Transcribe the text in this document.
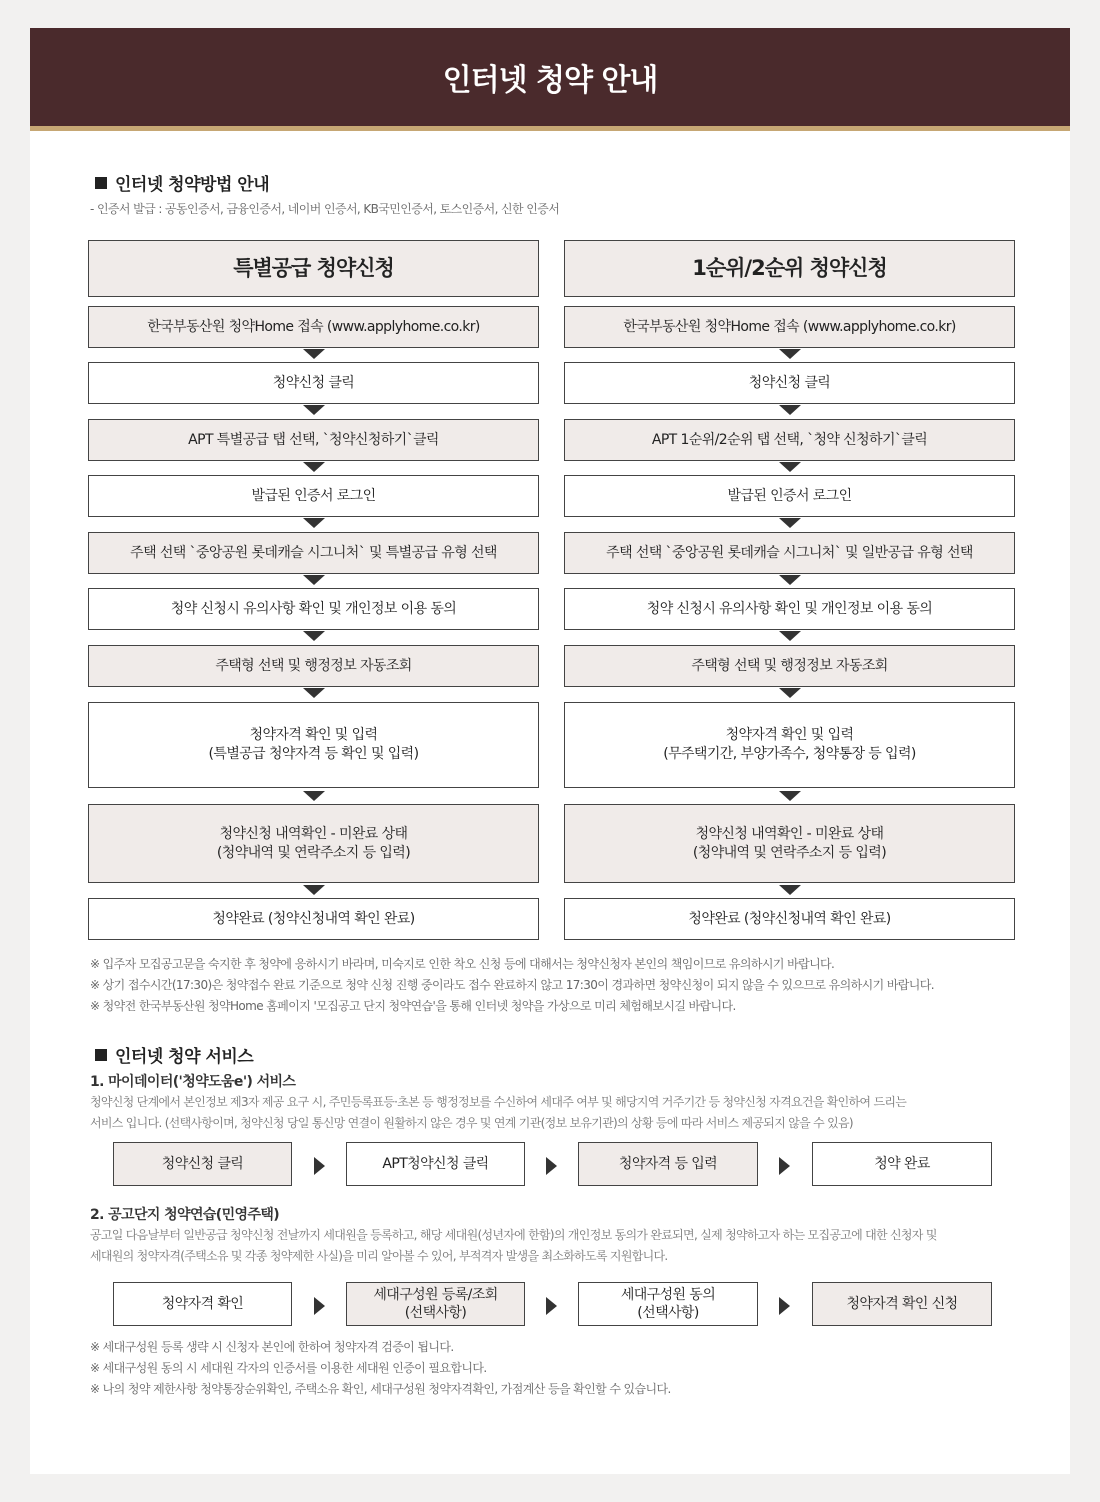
인터넷 청약 안내
인터넷 청약방법 안내
- 인증서 발급 : 공동인증서, 금융인증서, 네이버 인증서, KB국민인증서, 토스인증서, 신한 인증서
특별공급 청약신청
한국부동산원 청약Home 접속 (www.applyhome.co.kr)
청약신청 클릭
APT 특별공급 탭 선택, `청약신청하기`클릭
발급된 인증서 로그인
주택 선택 `중앙공원 롯데캐슬 시그니처` 및 특별공급 유형 선택
청약 신청시 유의사항 확인 및 개인정보 이용 동의
주택형 선택 및 행정정보 자동조회
청약자격 확인 및 입력
(특별공급 청약자격 등 확인 및 입력)
청약신청 내역확인 - 미완료 상태
(청약내역 및 연락주소지 등 입력)
청약완료 (청약신청내역 확인 완료)
1순위/2순위 청약신청
한국부동산원 청약Home 접속 (www.applyhome.co.kr)
청약신청 클릭
APT 1순위/2순위 탭 선택, `청약 신청하기`클릭
발급된 인증서 로그인
주택 선택 `중앙공원 롯데캐슬 시그니처` 및 일반공급 유형 선택
청약 신청시 유의사항 확인 및 개인정보 이용 동의
주택형 선택 및 행정정보 자동조회
청약자격 확인 및 입력
(무주택기간, 부양가족수, 청약통장 등 입력)
청약신청 내역확인 - 미완료 상태
(청약내역 및 연락주소지 등 입력)
청약완료 (청약신청내역 확인 완료)
※ 입주자 모집공고문을 숙지한 후 청약에 응하시기 바라며, 미숙지로 인한 착오 신청 등에 대해서는 청약신청자 본인의 책임이므로 유의하시기 바랍니다.
※ 상기 접수시간(17:30)은 청약접수 완료 기준으로 청약 신청 진행 중이라도 접수 완료하지 않고 17:30이 경과하면 청약신청이 되지 않을 수 있으므로 유의하시기 바랍니다.
※ 청약전 한국부동산원 청약Home 홈페이지 '모집공고 단지 청약연습'을 통해 인터넷 청약을 가상으로 미리 체험해보시길 바랍니다.
인터넷 청약 서비스
1. 마이데이터('청약도움e') 서비스
청약신청 단계에서 본인정보 제3자 제공 요구 시, 주민등록표등·초본 등 행정정보를 수신하여 세대주 여부 및 해당지역 거주기간 등 청약신청 자격요건을 확인하여 드리는
서비스 입니다. (선택사항이며, 청약신청 당일 통신망 연결이 원활하지 않은 경우 및 연계 기관(정보 보유기관)의 상황 등에 따라 서비스 제공되지 않을 수 있음)
청약신청 클릭	APT청약신청 클릭	청약자격 등 입력	청약 완료
2. 공고단지 청약연습(민영주택)
공고일 다음날부터 일반공급 청약신청 전날까지 세대원을 등록하고, 해당 세대원(성년자에 한함)의 개인정보 동의가 완료되면, 실제 청약하고자 하는 모집공고에 대한 신청자 및
세대원의 청약자격(주택소유 및 각종 청약제한 사실)을 미리 알아볼 수 있어, 부적격자 발생을 최소화하도록 지원합니다.
청약자격 확인
세대구성원 등록/조회
(선택사항)
세대구성원 동의
(선택사항)
청약자격 확인 신청
※ 세대구성원 등록 생략 시 신청자 본인에 한하여 청약자격 검증이 됩니다.
※ 세대구성원 동의 시 세대원 각자의 인증서를 이용한 세대원 인증이 필요합니다.
※ 나의 청약 제한사항 청약통장순위확인, 주택소유 확인, 세대구성원 청약자격확인, 가점계산 등을 확인할 수 있습니다.
